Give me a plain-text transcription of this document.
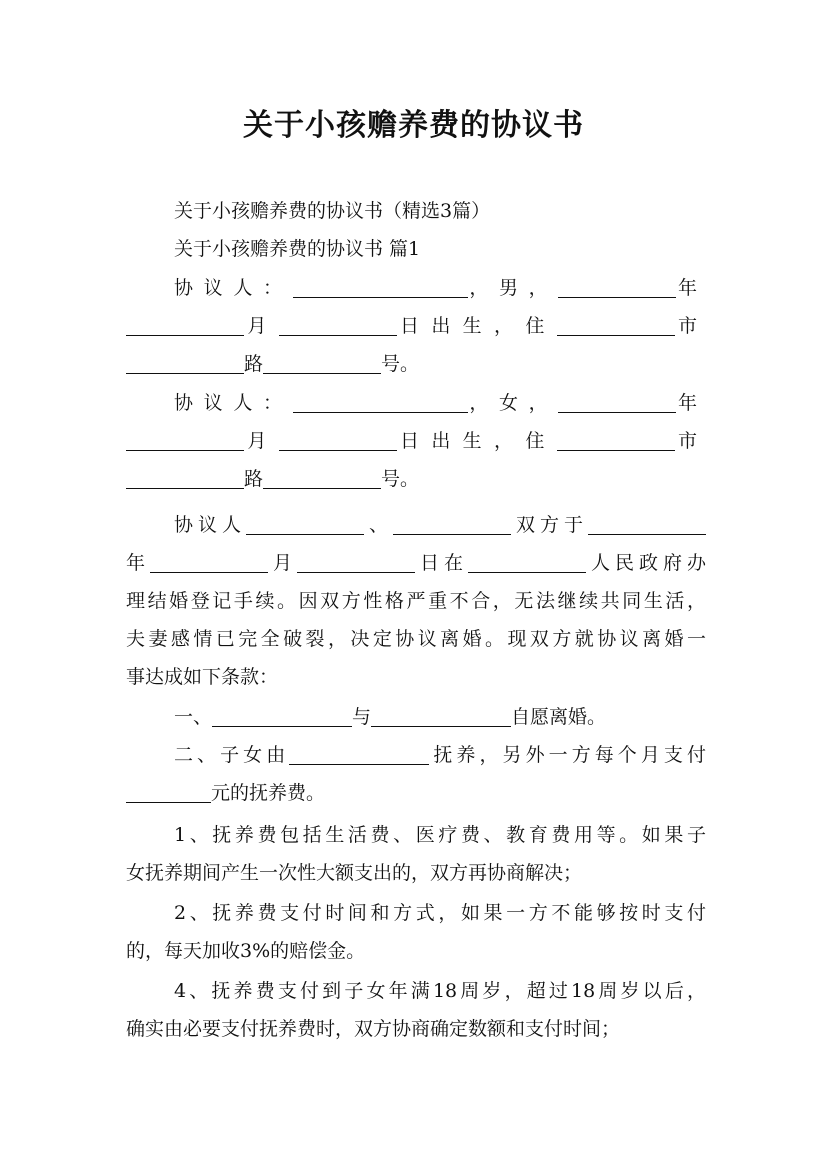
关于小孩赡养费的协议书
关于小孩赡养费的协议书（精选3篇）
关于小孩赡养费的协议书 篇1
协议人：	，男，	年
月	日出生，住	市
路	号。
协议人：	，女，	年
月	日出生，住	市
路	号。
协议人	、	双方于
年	月	日在	人民政府办
理结婚登记手续。因双方性格严重不合，无法继续共同生活，
夫妻感情已完全破裂，决定协议离婚。现双方就协议离婚一
事达成如下条款：
一、	与	自愿离婚。
二、子女由	抚养，另外一方每个月支付
元的抚养费。
1、抚养费包括生活费、医疗费、教育费用等。如果子
女抚养期间产生一次性大额支出的，双方再协商解决；
2、抚养费支付时间和方式，如果一方不能够按时支付
的，每天加收3%的赔偿金。
4、抚养费支付到子女年满18周岁，超过18周岁以后，
确实由必要支付抚养费时，双方协商确定数额和支付时间；
